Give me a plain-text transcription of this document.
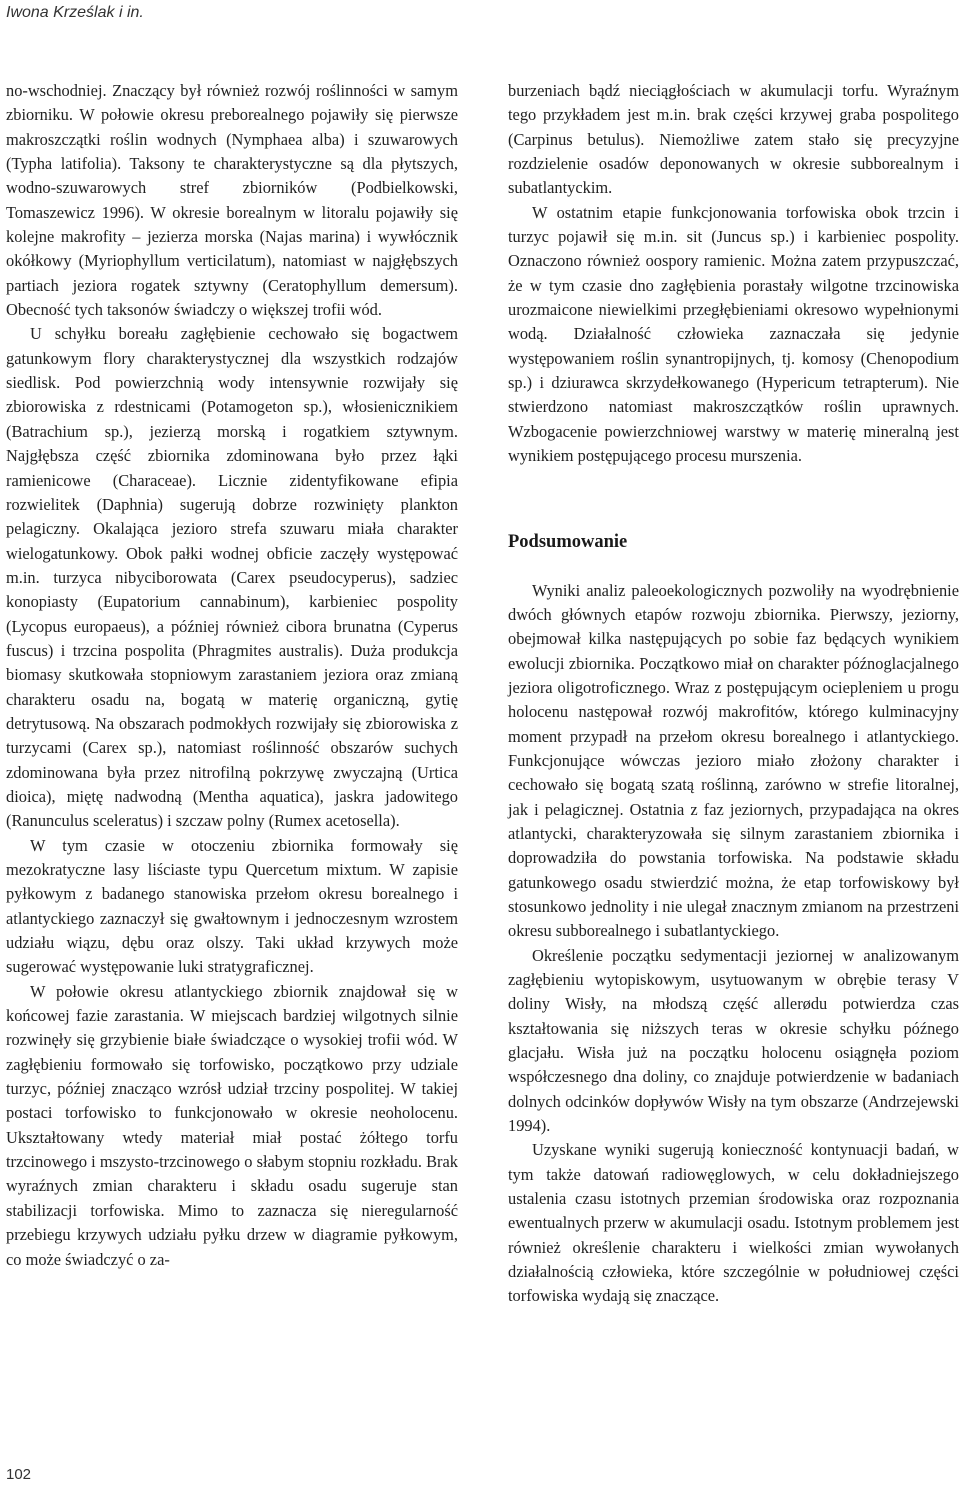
Iwona Krześlak i in.

no-wschodniej. Znaczący był również rozwój roślinności w samym zbiorniku. W połowie okresu preborealnego pojawiły się pierwsze makroszczątki roślin wodnych (Nymphaea alba) i szuwarowych (Typha latifolia). Taksony te charakterystyczne są dla płytszych, wodno-szuwarowych stref zbiorników (Podbielkowski, Tomaszewicz 1996). W okresie borealnym w litoralu pojawiły się kolejne makrofity – jezierza morska (Najas marina) i wywłócznik okółkowy (Myriophyllum verticilatum), natomiast w najgłębszych partiach jeziora rogatek sztywny (Ceratophyllum demersum). Obecność tych taksonów świadczy o większej trofii wód.

U schyłku boreału zagłębienie cechowało się bogactwem gatunkowym flory charakterystycznej dla wszystkich rodzajów siedlisk. Pod powierzchnią wody intensywnie rozwijały się zbiorowiska z rdestnicami (Potamogeton sp.), włosienicznikiem (Batrachium sp.), jezierzą morską i rogatkiem sztywnym. Najgłębsza część zbiornika zdominowana było przez łąki ramienicowe (Characeae). Licznie zidentyfikowane efipia rozwielitek (Daphnia) sugerują dobrze rozwinięty plankton pelagiczny. Okalająca jezioro strefa szuwaru miała charakter wielogatunkowy. Obok pałki wodnej obficie zaczęły występować m.in. turzyca nibyciborowata (Carex pseudocyperus), sadziec konopiasty (Eupatorium cannabinum), karbieniec pospolity (Lycopus europaeus), a później również cibora brunatna (Cyperus fuscus) i trzcina pospolita (Phragmites australis). Duża produkcja biomasy skutkowała stopniowym zarastaniem jeziora oraz zmianą charakteru osadu na, bogatą w materię organiczną, gytię detrytusową. Na obszarach podmokłych rozwijały się zbiorowiska z turzycami (Carex sp.), natomiast roślinność obszarów suchych zdominowana była przez nitrofilną pokrzywę zwyczajną (Urtica dioica), miętę nadwodną (Mentha aquatica), jaskra jadowitego (Ranunculus sceleratus) i szczaw polny (Rumex acetosella).

W tym czasie w otoczeniu zbiornika formowały się mezokratyczne lasy liściaste typu Quercetum mixtum. W zapisie pyłkowym z badanego stanowiska przełom okresu borealnego i atlantyckiego zaznaczył się gwałtownym i jednoczesnym wzrostem udziału wiązu, dębu oraz olszy. Taki układ krzywych może sugerować występowanie luki stratygraficznej.

W połowie okresu atlantyckiego zbiornik znajdował się w końcowej fazie zarastania. W miejscach bardziej wilgotnych silnie rozwinęły się grzybienie białe świadczące o wysokiej trofii wód. W zagłębieniu formowało się torfowisko, początkowo przy udziale turzyc, później znacząco wzrósł udział trzciny pospolitej. W takiej postaci torfowisko to funkcjonowało w okresie neoholocenu. Ukształtowany wtedy materiał miał postać żółtego torfu trzcinowego i mszysto-trzcinowego o słabym stopniu rozkładu. Brak wyraźnych zmian charakteru i składu osadu sugeruje stan stabilizacji torfowiska. Mimo to zaznacza się nieregularność przebiegu krzywych udziału pyłku drzew w diagramie pyłkowym, co może świadczyć o za-

burzeniach bądź nieciągłościach w akumulacji torfu. Wyraźnym tego przykładem jest m.in. brak części krzywej graba pospolitego (Carpinus betulus). Niemożliwe zatem stało się precyzyjne rozdzielenie osadów deponowanych w okresie subborealnym i subatlantyckim.

W ostatnim etapie funkcjonowania torfowiska obok trzcin i turzyc pojawił się m.in. sit (Juncus sp.) i karbieniec pospolity. Oznaczono również oospory ramienic. Można zatem przypuszczać, że w tym czasie dno zagłębienia porastały wilgotne trzcinowiska urozmaicone niewielkimi przegłębieniami okresowo wypełnionymi wodą. Działalność człowieka zaznaczała się jedynie występowaniem roślin synantropijnych, tj. komosy (Chenopodium sp.) i dziurawca skrzydełkowanego (Hypericum tetrapterum). Nie stwierdzono natomiast makroszczątków roślin uprawnych. Wzbogacenie powierzchniowej warstwy w materię mineralną jest wynikiem postępującego procesu murszenia.

Podsumowanie

Wyniki analiz paleoekologicznych pozwoliły na wyodrębnienie dwóch głównych etapów rozwoju zbiornika. Pierwszy, jeziorny, obejmował kilka następujących po sobie faz będących wynikiem ewolucji zbiornika. Początkowo miał on charakter późnoglacjalnego jeziora oligotroficznego. Wraz z postępującym ociepleniem u progu holocenu następował rozwój makrofitów, którego kulminacyjny moment przypadł na przełom okresu borealnego i atlantyckiego. Funkcjonujące wówczas jezioro miało złożony charakter i cechowało się bogatą szatą roślinną, zarówno w strefie litoralnej, jak i pelagicznej. Ostatnia z faz jeziornych, przypadająca na okres atlantycki, charakteryzowała się silnym zarastaniem zbiornika i doprowadziła do powstania torfowiska. Na podstawie składu gatunkowego osadu stwierdzić można, że etap torfowiskowy był stosunkowo jednolity i nie ulegał znacznym zmianom na przestrzeni okresu subborealnego i subatlantyckiego.

Określenie początku sedymentacji jeziornej w analizowanym zagłębieniu wytopiskowym, usytuowanym w obrębie terasy V doliny Wisły, na młodszą część allerødu potwierdza czas kształtowania się niższych teras w okresie schyłku późnego glacjału. Wisła już na początku holocenu osiągnęła poziom współczesnego dna doliny, co znajduje potwierdzenie w badaniach dolnych odcinków dopływów Wisły na tym obszarze (Andrzejewski 1994).

Uzyskane wyniki sugerują konieczność kontynuacji badań, w tym także datowań radiowęglowych, w celu dokładniejszego ustalenia czasu istotnych przemian środowiska oraz rozpoznania ewentualnych przerw w akumulacji osadu. Istotnym problemem jest również określenie charakteru i wielkości zmian wywołanych działalnością człowieka, które szczególnie w południowej części torfowiska wydają się znaczące.

102
